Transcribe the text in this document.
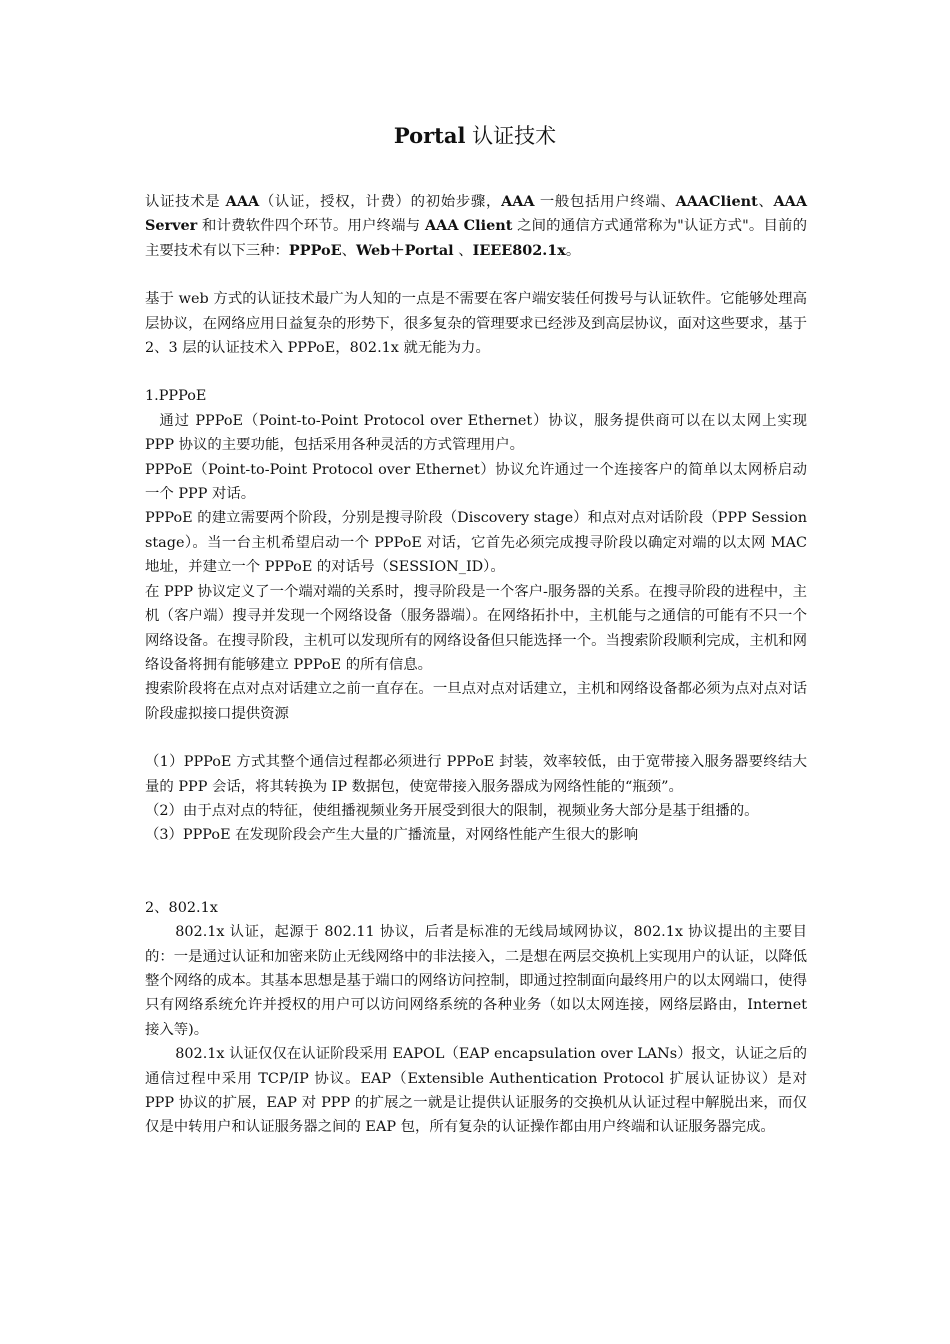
Portal 认证技术

认证技术是 AAA（认证，授权，计费）的初始步骤，AAA 一般包括用户终端、AAAClient、AAA Server 和计费软件四个环节。用户终端与 AAA Client 之间的通信方式通常称为"认证方式"。目前的主要技术有以下三种：PPPoE、Web＋Portal 、IEEE802.1x。

基于 web 方式的认证技术最广为人知的一点是不需要在客户端安装任何拨号与认证软件。它能够处理高层协议，在网络应用日益复杂的形势下，很多复杂的管理要求已经涉及到高层协议，面对这些要求，基于 2、3 层的认证技术入 PPPoE，802.1x 就无能为力。

1.PPPoE

通过 PPPoE（Point-to-Point Protocol over Ethernet）协议，服务提供商可以在以太网上实现 PPP 协议的主要功能，包括采用各种灵活的方式管理用户。

PPPoE（Point-to-Point Protocol over Ethernet）协议允许通过一个连接客户的简单以太网桥启动一个 PPP 对话。

PPPoE 的建立需要两个阶段，分别是搜寻阶段（Discovery stage）和点对点对话阶段（PPP Session stage）。当一台主机希望启动一个 PPPoE 对话，它首先必须完成搜寻阶段以确定对端的以太网 MAC 地址，并建立一个 PPPoE 的对话号（SESSION_ID）。

在 PPP 协议定义了一个端对端的关系时，搜寻阶段是一个客户-服务器的关系。在搜寻阶段的进程中，主机（客户端）搜寻并发现一个网络设备（服务器端）。在网络拓扑中，主机能与之通信的可能有不只一个网络设备。在搜寻阶段，主机可以发现所有的网络设备但只能选择一个。当搜索阶段顺利完成，主机和网络设备将拥有能够建立 PPPoE 的所有信息。

搜索阶段将在点对点对话建立之前一直存在。一旦点对点对话建立，主机和网络设备都必须为点对点对话阶段虚拟接口提供资源

（1）PPPoE 方式其整个通信过程都必须进行 PPPoE 封装，效率较低，由于宽带接入服务器要终结大量的 PPP 会话，将其转换为 IP 数据包，使宽带接入服务器成为网络性能的“瓶颈”。

（2）由于点对点的特征，使组播视频业务开展受到很大的限制，视频业务大部分是基于组播的。

（3）PPPoE 在发现阶段会产生大量的广播流量，对网络性能产生很大的影响

2、802.1x

802.1x 认证，起源于 802.11 协议，后者是标准的无线局域网协议，802.1x 协议提出的主要目的：一是通过认证和加密来防止无线网络中的非法接入，二是想在两层交换机上实现用户的认证，以降低整个网络的成本。其基本思想是基于端口的网络访问控制，即通过控制面向最终用户的以太网端口，使得只有网络系统允许并授权的用户可以访问网络系统的各种业务（如以太网连接，网络层路由，Internet 接入等)。

802.1x 认证仅仅在认证阶段采用 EAPOL（EAP encapsulation over LANs）报文，认证之后的通信过程中采用 TCP/IP 协议。EAP（Extensible Authentication Protocol 扩展认证协议）是对 PPP 协议的扩展，EAP 对 PPP 的扩展之一就是让提供认证服务的交换机从认证过程中解脱出来，而仅仅是中转用户和认证服务器之间的 EAP 包，所有复杂的认证操作都由用户终端和认证服务器完成。
